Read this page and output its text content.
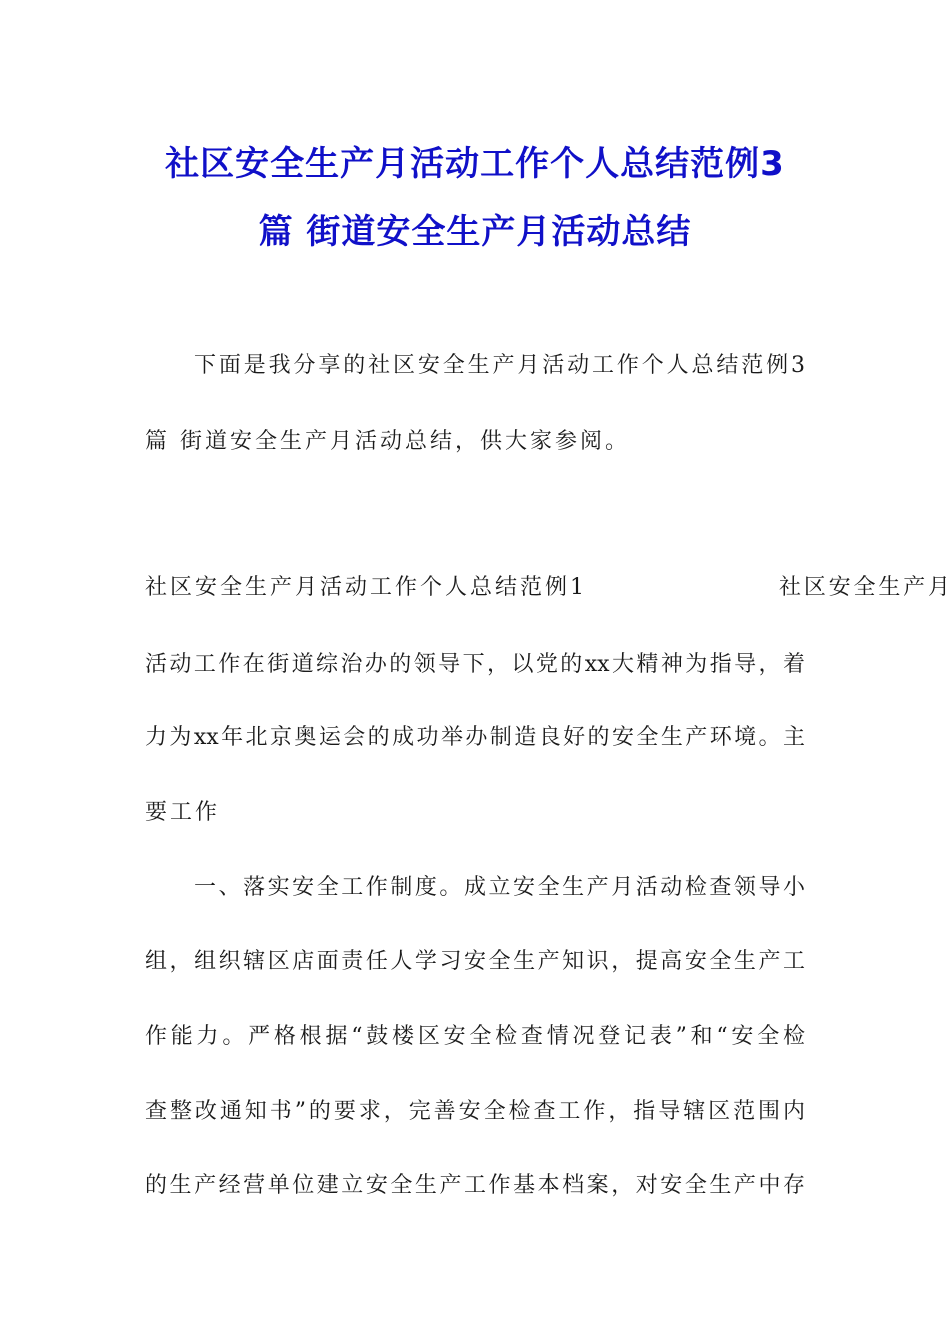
社区安全生产月活动工作个人总结范例3
篇 街道安全生产月活动总结
下面是我分享的社区安全生产月活动工作个人总结范例3
篇 街道安全生产月活动总结，供大家参阅。
社区安全生产月活动工作个人总结范例1	社区安全生产月
活动工作在街道综治办的领导下，以党的xx大精神为指导，着
力为xx年北京奥运会的成功举办制造良好的安全生产环境。主
要工作
一、落实安全工作制度。成立安全生产月活动检查领导小
组，组织辖区店面责任人学习安全生产知识，提高安全生产工
作能力。严格根据“鼓楼区安全检查情况登记表”和“安全检
查整改通知书”的要求，完善安全检查工作，指导辖区范围内
的生产经营单位建立安全生产工作基本档案，对安全生产中存
